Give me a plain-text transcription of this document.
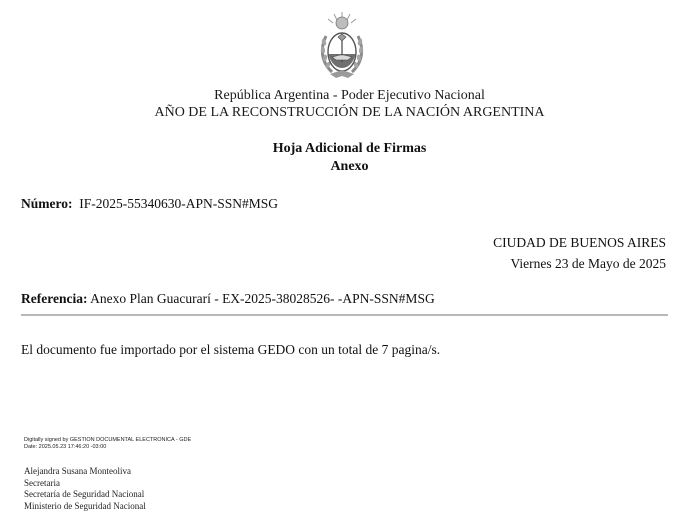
República Argentina - Poder Ejecutivo Nacional
AÑO DE LA RECONSTRUCCIÓN DE LA NACIÓN ARGENTINA
Hoja Adicional de Firmas
Anexo
Número: IF-2025-55340630-APN-SSN#MSG
CIUDAD DE BUENOS AIRES
Viernes 23 de Mayo de 2025
Referencia: Anexo Plan Guacurarí - EX-2025-38028526- -APN-SSN#MSG
El documento fue importado por el sistema GEDO con un total de 7 pagina/s.
Digitally signed by GESTION DOCUMENTAL ELECTRONICA - GDE
Date: 2025.05.23 17:46:20 -03:00
Alejandra Susana Monteoliva
Secretaria
Secretaría de Seguridad Nacional
Ministerio de Seguridad Nacional
